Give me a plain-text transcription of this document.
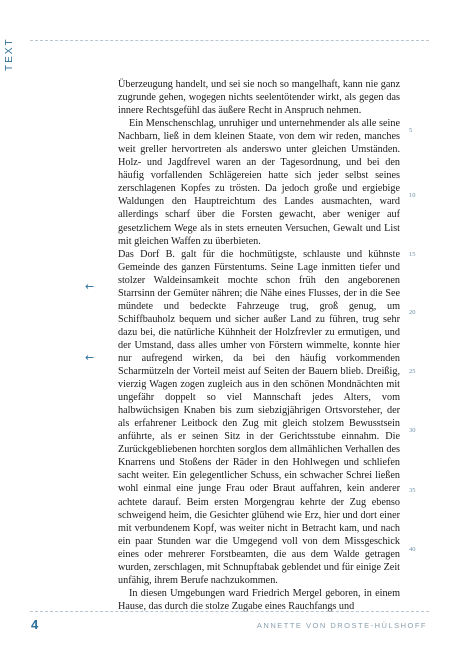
TEXT

Überzeugung handelt, und sei sie noch so mangelhaft, kann nie ganz zugrunde gehen, wogegen nichts seelentötender wirkt, als gegen das innere Rechtsgefühl das äußere Recht in Anspruch nehmen.

Ein Menschenschlag, unruhiger und unternehmender als alle seine Nachbarn, ließ in dem kleinen Staate, von dem wir reden, manches weit greller hervortreten als anderswo unter gleichen Umständen. Holz- und Jagdfrevel waren an der Tagesordnung, und bei den häufig vorfallenden Schlägereien hatte sich jeder selbst seines zerschlagenen Kopfes zu trösten. Da jedoch große und ergiebige Waldungen den Hauptreichtum des Landes ausmachten, ward allerdings scharf über die Forsten gewacht, aber weniger auf gesetzlichem Wege als in stets erneuten Versuchen, Gewalt und List mit gleichen Waffen zu überbieten.

Das Dorf B. galt für die hochmütigste, schlauste und kühnste Gemeinde des ganzen Fürstentums. Seine Lage inmitten tiefer und stolzer Waldeinsamkeit mochte schon früh den angeborenen Starrsinn der Gemüter nähren; die Nähe eines Flusses, der in die See mündete und bedeckte Fahrzeuge trug, groß genug, um Schiffbauholz bequem und sicher außer Land zu führen, trug sehr dazu bei, die natürliche Kühnheit der Holzfrevler zu ermutigen, und der Umstand, dass alles umher von Förstern wimmelte, konnte hier nur aufregend wirken, da bei den häufig vorkommenden Scharmützeln der Vorteil meist auf Seiten der Bauern blieb. Dreißig, vierzig Wagen zogen zugleich aus in den schönen Mondnächten mit ungefähr doppelt so viel Mannschaft jedes Alters, vom halbwüchsigen Knaben bis zum siebzigjährigen Ortsvorsteher, der als erfahrener Leitbock den Zug mit gleich stolzem Bewusstsein anführte, als er seinen Sitz in der Gerichtsstube einnahm. Die Zurückgebliebenen horchten sorglos dem allmählichen Verhallen des Knarrens und Stoßens der Räder in den Hohlwegen und schliefen sacht weiter. Ein gelegentlicher Schuss, ein schwacher Schrei ließen wohl einmal eine junge Frau oder Braut auffahren, kein anderer achtete darauf. Beim ersten Morgengrau kehrte der Zug ebenso schweigend heim, die Gesichter glühend wie Erz, hier und dort einer mit verbundenem Kopf, was weiter nicht in Betracht kam, und nach ein paar Stunden war die Umgegend voll von dem Missgeschick eines oder mehrerer Forstbeamten, die aus dem Walde getragen wurden, zerschlagen, mit Schnupftabak geblendet und für einige Zeit unfähig, ihrem Berufe nachzukommen.

In diesen Umgebungen ward Friedrich Mergel geboren, in einem Hause, das durch die stolze Zugabe eines Rauchfangs und

5
10
15
20
25
30
35
40
←
←
4	ANNETTE VON DROSTE-HÜLSHOFF
